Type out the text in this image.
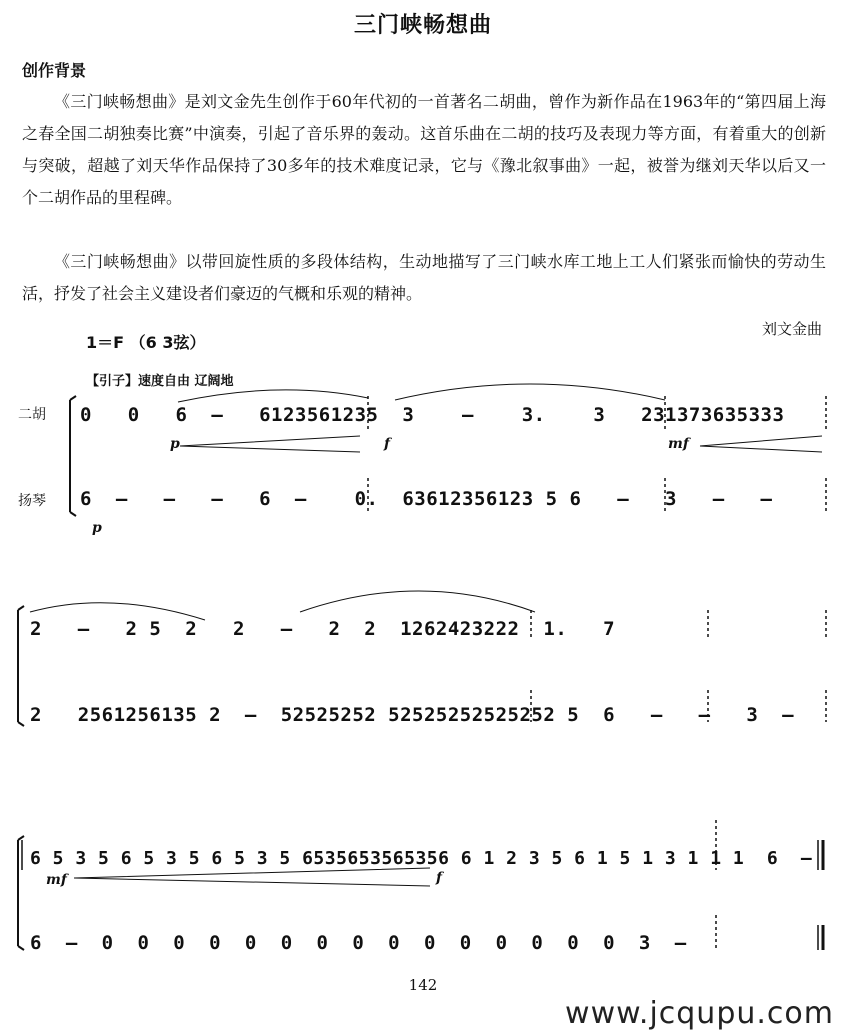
三门峡畅想曲
创作背景

《三门峡畅想曲》是刘文金先生创作于60年代初的一首著名二胡曲，曾作为新作品在1963年的“第四届上海之春全国二胡独奏比赛”中演奏，引起了音乐界的轰动。这首乐曲在二胡的技巧及表现力等方面，有着重大的创新与突破，超越了刘天华作品保持了30多年的技术难度记录，它与《豫北叙事曲》一起，被誉为继刘天华以后又一个二胡作品的里程碑。

《三门峡畅想曲》以带回旋性质的多段体结构，生动地描写了三门峡水库工地上工人们紧张而愉快的劳动生活，抒发了社会主义建设者们豪迈的气概和乐观的精神。

刘文金曲
1＝F （6 3弦）
【引子】速度自由 辽阔地
二胡
扬琴
0   0   6  –   6123561235  3    –    3.    3   231373635333
6  –   –   –   6  –    0.  63612356123 5 6   –   3   –   –
p	f	mf
p
2   –   2 5  2   2   –   2  2  1262423222  1.   7
2   2561256135 2  –  52525252 52525252525252 5  6   –   –   3  –
6 5 3 5 6 5 3 5 6 5 3 5 6535653565356 6 1 2 3 5 6 1 5 1 3 1 1 1  6  –
6  –  0  0  0  0  0  0  0  0  0  0  0  0  0  0  0  3  –
mf	f
142
www.jcqupu.com
